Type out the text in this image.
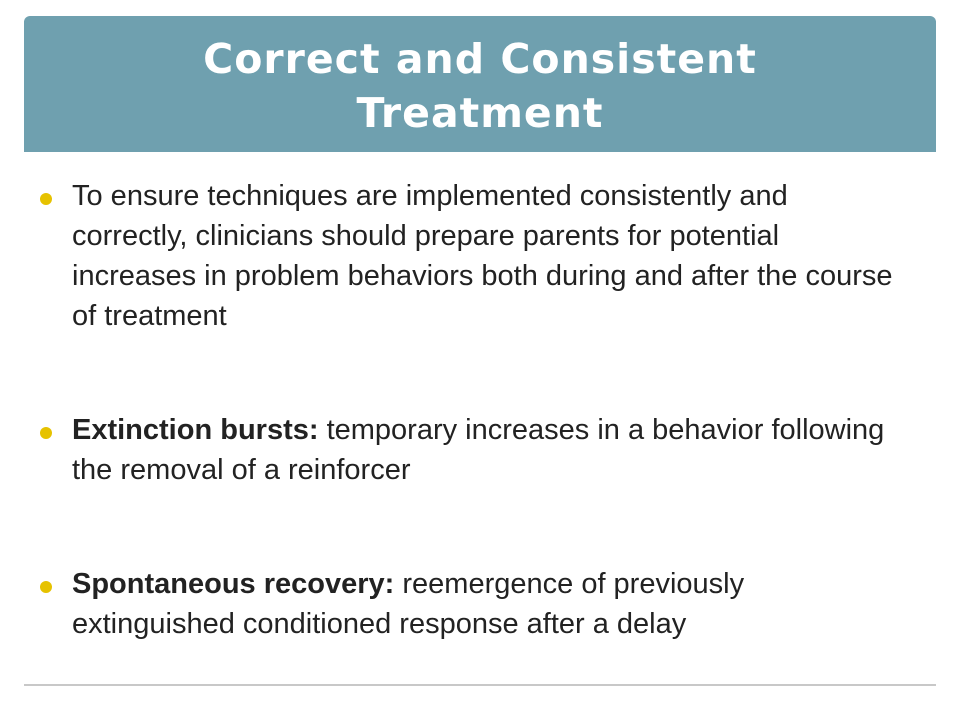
Correct and Consistent
Treatment

To ensure techniques are implemented consistently and correctly, clinicians should prepare parents for potential increases in problem behaviors both during and after the course of treatment

Extinction bursts: temporary increases in a behavior following the removal of a reinforcer

Spontaneous recovery: reemergence of previously extinguished conditioned response after a delay
